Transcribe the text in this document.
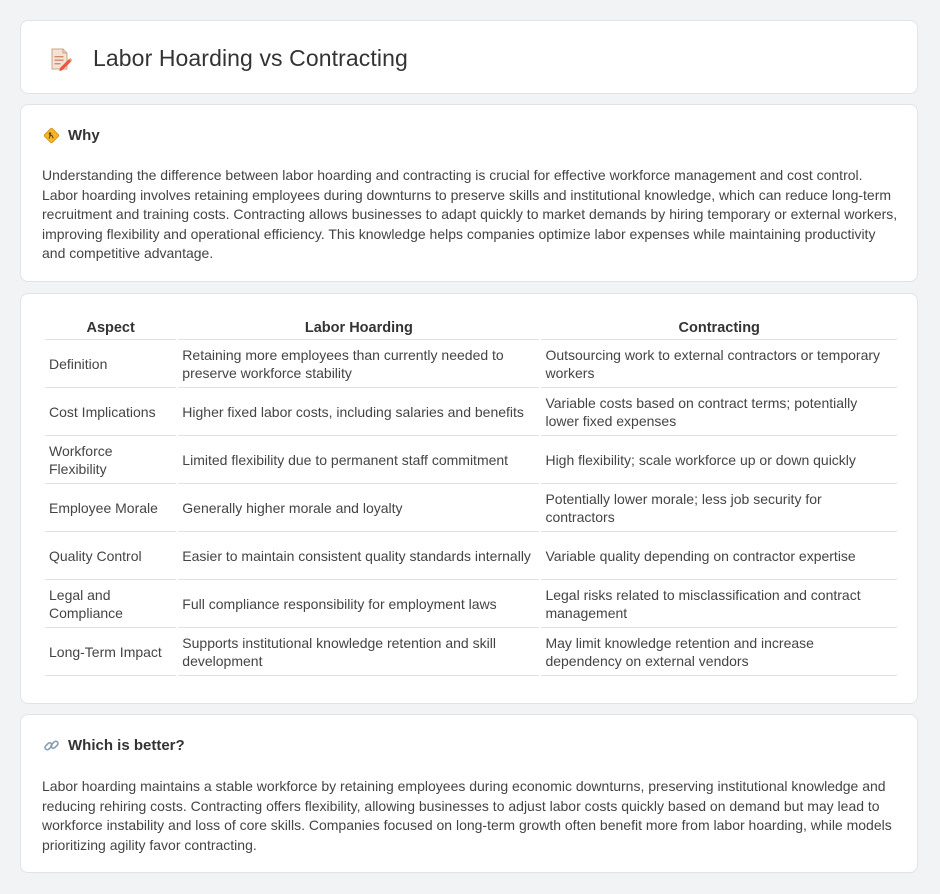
Labor Hoarding vs Contracting
Why

Understanding the difference between labor hoarding and contracting is crucial for effective workforce management and cost control. Labor hoarding involves retaining employees during downturns to preserve skills and institutional knowledge, which can reduce long-term recruitment and training costs. Contracting allows businesses to adapt quickly to market demands by hiring temporary or external workers, improving flexibility and operational efficiency. This knowledge helps companies optimize labor expenses while maintaining productivity and competitive advantage.

Aspect	Labor Hoarding	Contracting
Definition	Retaining more employees than currently needed to preserve workforce stability	Outsourcing work to external contractors or temporary workers
Cost Implications	Higher fixed labor costs, including salaries and benefits	Variable costs based on contract terms; potentially lower fixed expenses
Workforce Flexibility	Limited flexibility due to permanent staff commitment	High flexibility; scale workforce up or down quickly
Employee Morale	Generally higher morale and loyalty	Potentially lower morale; less job security for contractors
Quality Control	Easier to maintain consistent quality standards internally	Variable quality depending on contractor expertise
Legal and Compliance	Full compliance responsibility for employment laws	Legal risks related to misclassification and contract management
Long-Term Impact	Supports institutional knowledge retention and skill development	May limit knowledge retention and increase dependency on external vendors
Which is better?

Labor hoarding maintains a stable workforce by retaining employees during economic downturns, preserving institutional knowledge and reducing rehiring costs. Contracting offers flexibility, allowing businesses to adjust labor costs quickly based on demand but may lead to workforce instability and loss of core skills. Companies focused on long-term growth often benefit more from labor hoarding, while models prioritizing agility favor contracting.
